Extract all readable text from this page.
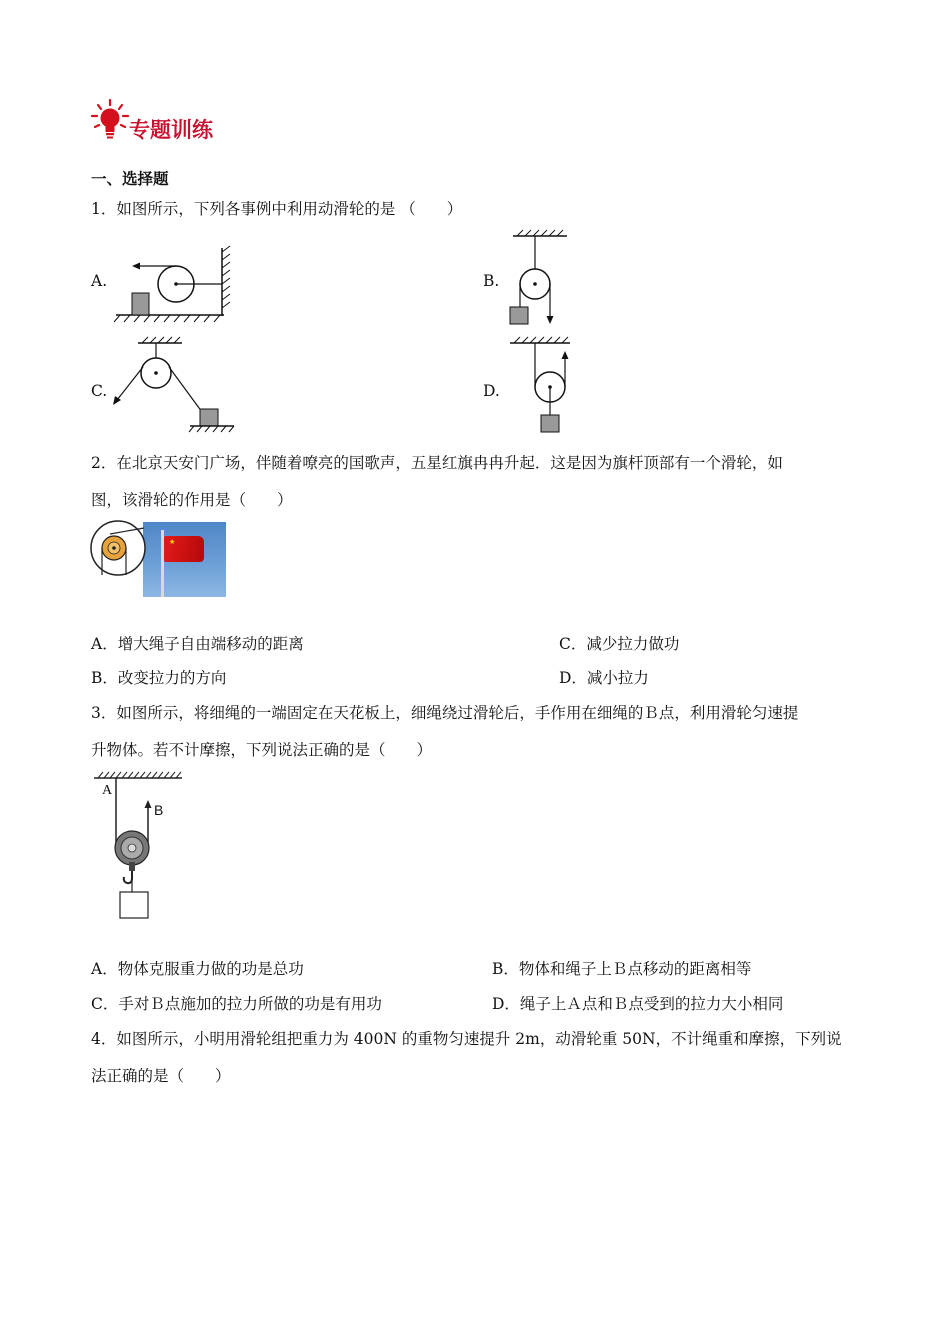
专题训练
一、选择题
1．如图所示，下列各事例中利用动滑轮的是 （　　）
A.	B.
C.	D.
2．在北京天安门广场，伴随着嘹亮的国歌声，五星红旗冉冉升起．这是因为旗杆顶部有一个滑轮，如
图，该滑轮的作用是（　　）
★
A．增大绳子自由端移动的距离	C．减少拉力做功
B．改变拉力的方向	D．减小拉力
3．如图所示，将细绳的一端固定在天花板上，细绳绕过滑轮后，手作用在细绳的Ｂ点，利用滑轮匀速提
升物体。若不计摩擦，下列说法正确的是（　　）
A
B
A．物体克服重力做的功是总功	B．物体和绳子上Ｂ点移动的距离相等
C．手对Ｂ点施加的拉力所做的功是有用功	D．绳子上Ａ点和Ｂ点受到的拉力大小相同
4．如图所示，小明用滑轮组把重力为 400N 的重物匀速提升 2m，动滑轮重 50N，不计绳重和摩擦，下列说
法正确的是（　　）
